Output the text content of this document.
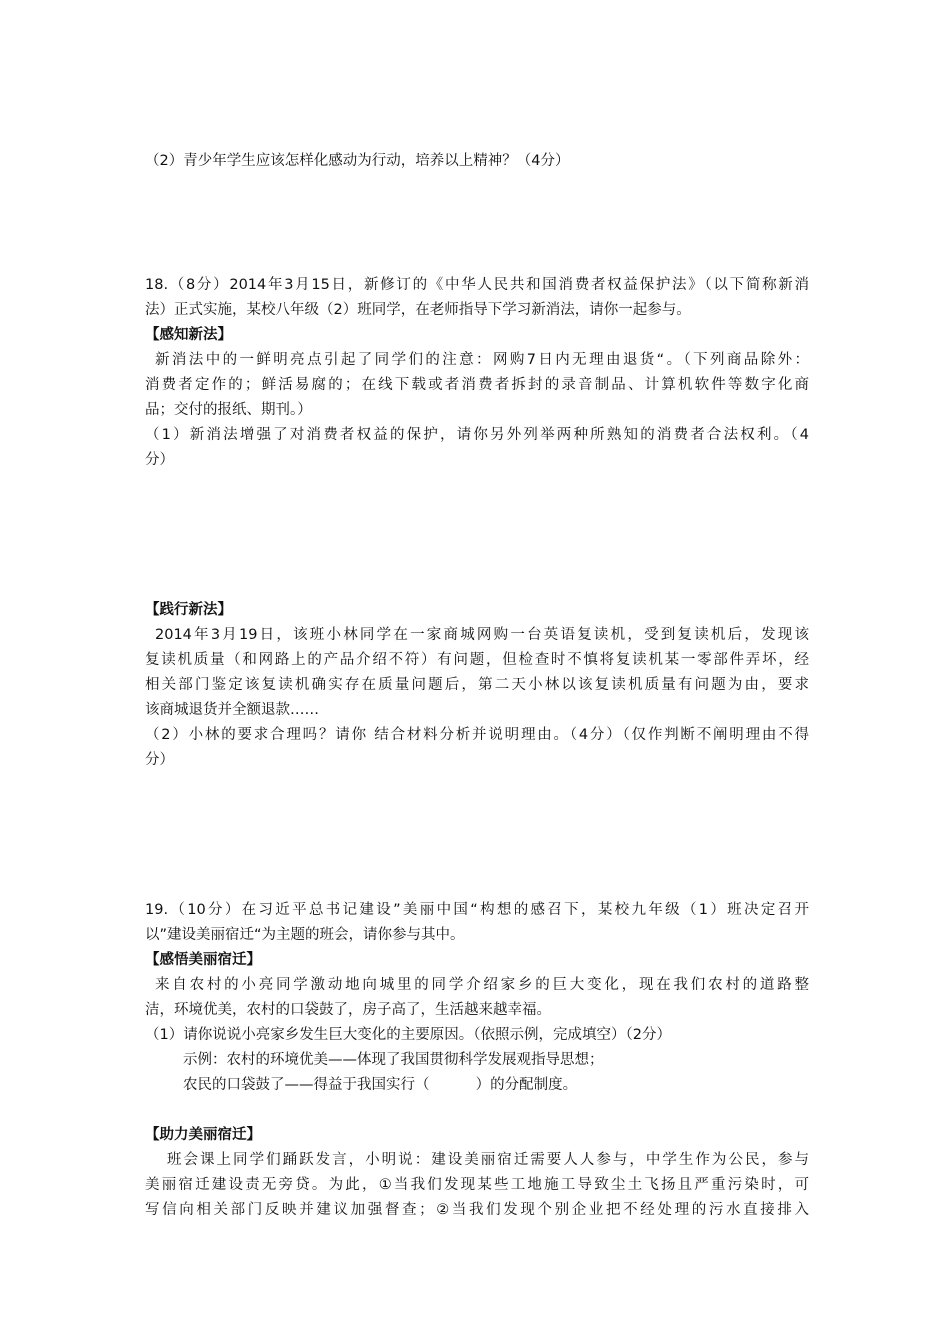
（2）青少年学生应该怎样化感动为行动，培养以上精神？（4分）
18.（8分）2014年3月15日，新修订的《中华人民共和国消费者权益保护法》（以下简称新消
法）正式实施，某校八年级（2）班同学，在老师指导下学习新消法，请你一起参与。
【感知新法】
新消法中的一鲜明亮点引起了同学们的注意：网购7日内无理由退货“。（下列商品除外：
消费者定作的；鲜活易腐的；在线下载或者消费者拆封的录音制品、计算机软件等数字化商
品；交付的报纸、期刊。）
（1）新消法增强了对消费者权益的保护，请你另外列举两种所熟知的消费者合法权利。（4
分）
【践行新法】
2014年3月19日，该班小林同学在一家商城网购一台英语复读机，受到复读机后，发现该
复读机质量（和网路上的产品介绍不符）有问题，但检查时不慎将复读机某一零部件弄坏，经
相关部门鉴定该复读机确实存在质量问题后，第二天小林以该复读机质量有问题为由，要求
该商城退货并全额退款……
（2）小林的要求合理吗？请你 结合材料分析并说明理由。（4分）（仅作判断不阐明理由不得
分）
19.（10分）在习近平总书记建设”美丽中国“构想的感召下，某校九年级（1）班决定召开
以”建设美丽宿迁“为主题的班会，请你参与其中。
【感悟美丽宿迁】
来自农村的小亮同学激动地向城里的同学介绍家乡的巨大变化，现在我们农村的道路整
洁，环境优美，农村的口袋鼓了，房子高了，生活越来越幸福。
（1）请你说说小亮家乡发生巨大变化的主要原因。（依照示例，完成填空）（2分）
示例：农村的环境优美——体现了我国贯彻科学发展观指导思想；
农民的口袋鼓了——得益于我国实行（          ）的分配制度。
【助力美丽宿迁】
班会课上同学们踊跃发言，小明说：建设美丽宿迁需要人人参与，中学生作为公民，参与
美丽宿迁建设责无旁贷。为此，①当我们发现某些工地施工导致尘土飞扬且严重污染时，可
写信向相关部门反映并建议加强督查；②当我们发现个别企业把不经处理的污水直接排入
